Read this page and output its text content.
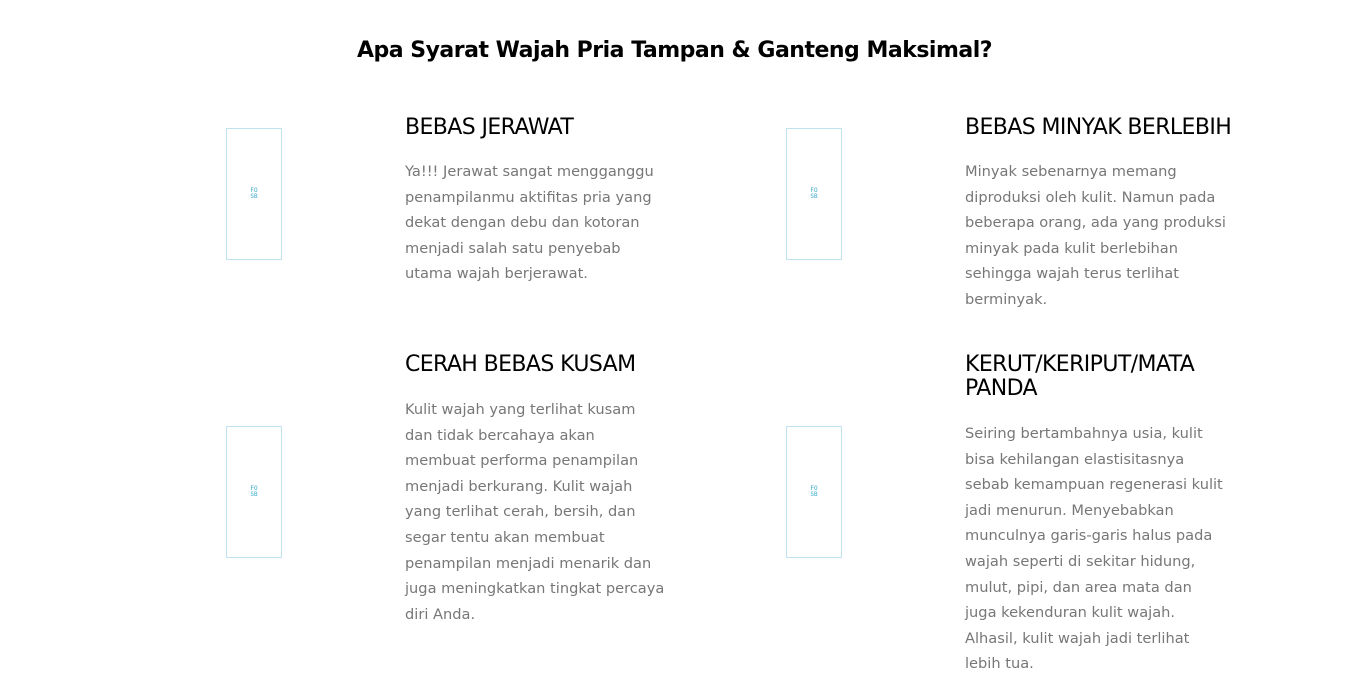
Apa Syarat Wajah Pria Tampan & Ganteng Maksimal?
FO
SB
BEBAS JERAWAT

Ya!!! Jerawat sangat mengganggu penampilanmu aktifitas pria yang dekat dengan debu dan kotoran menjadi salah satu penyebab utama wajah berjerawat.

FO
SB
BEBAS MINYAK BERLEBIH

Minyak sebenarnya memang diproduksi oleh kulit. Namun pada beberapa orang, ada yang produksi minyak pada kulit berlebihan sehingga wajah terus terlihat berminyak.

FO
SB
CERAH BEBAS KUSAM

Kulit wajah yang terlihat kusam dan tidak bercahaya akan membuat performa penampilan menjadi berkurang. Kulit wajah yang terlihat cerah, bersih, dan segar tentu akan membuat penampilan menjadi menarik dan juga meningkatkan tingkat percaya diri Anda.

FO
SB
KERUT/KERIPUT/MATA PANDA

Seiring bertambahnya usia, kulit bisa kehilangan elastisitasnya sebab kemampuan regenerasi kulit jadi menurun. Menyebabkan munculnya garis-garis halus pada wajah seperti di sekitar hidung, mulut, pipi, dan area mata dan juga kekenduran kulit wajah. Alhasil, kulit wajah jadi terlihat lebih tua.
